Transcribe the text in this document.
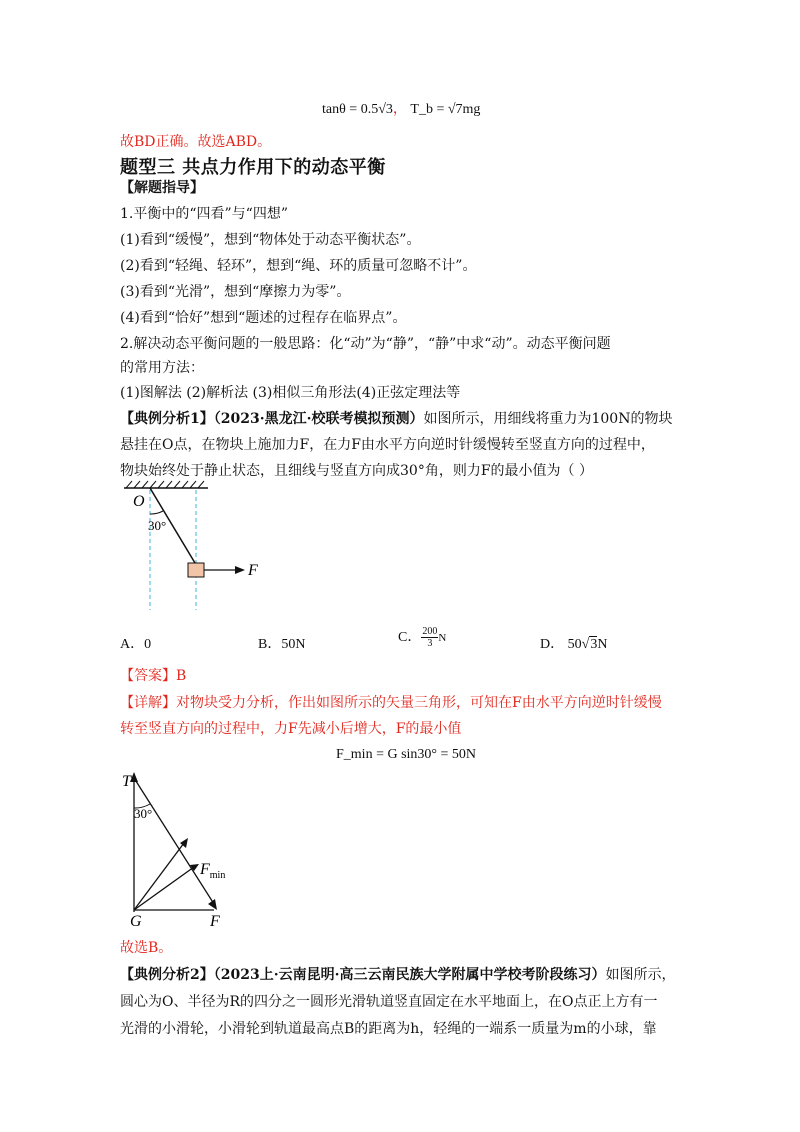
tanθ = 0.5√3， T_b = √7mg
故BD正确。故选ABD。
题型三 共点力作用下的动态平衡
【解题指导】
1.平衡中的“四看”与“四想”
(1)看到“缓慢”，想到“物体处于动态平衡状态”。
(2)看到“轻绳、轻环”，想到“绳、环的质量可忽略不计”。
(3)看到“光滑”，想到“摩擦力为零”。
(4)看到“恰好”想到“题述的过程存在临界点”。
2.解决动态平衡问题的一般思路：化“动”为“静”，“静”中求“动”。动态平衡问题
的常用方法：
(1)图解法 (2)解析法 (3)相似三角形法(4)正弦定理法等
【典例分析1】（2023·黑龙江·校联考模拟预测）如图所示，用细线将重力为100N的物块
悬挂在O点，在物块上施加力F，在力F由水平方向逆时针缓慢转至竖直方向的过程中，
物块始终处于静止状态，且细线与竖直方向成30°角，则力F的最小值为（ ）
O
30°
F
A．0	B．50N	C． $\frac{200}{3}$ N	D． 50√3N
【答案】B
【详解】对物块受力分析，作出如图所示的矢量三角形，可知在F由水平方向逆时针缓慢
转至竖直方向的过程中，力F先减小后增大，F的最小值
F_min = G sin30° = 50N
T
30°
$F_{min}$
G	F
故选B。
【典例分析2】（2023上·云南昆明·高三云南民族大学附属中学校考阶段练习）如图所示，
圆心为O、半径为R的四分之一圆形光滑轨道竖直固定在水平地面上，在O点正上方有一
光滑的小滑轮，小滑轮到轨道最高点B的距离为h，轻绳的一端系一质量为m的小球，靠
